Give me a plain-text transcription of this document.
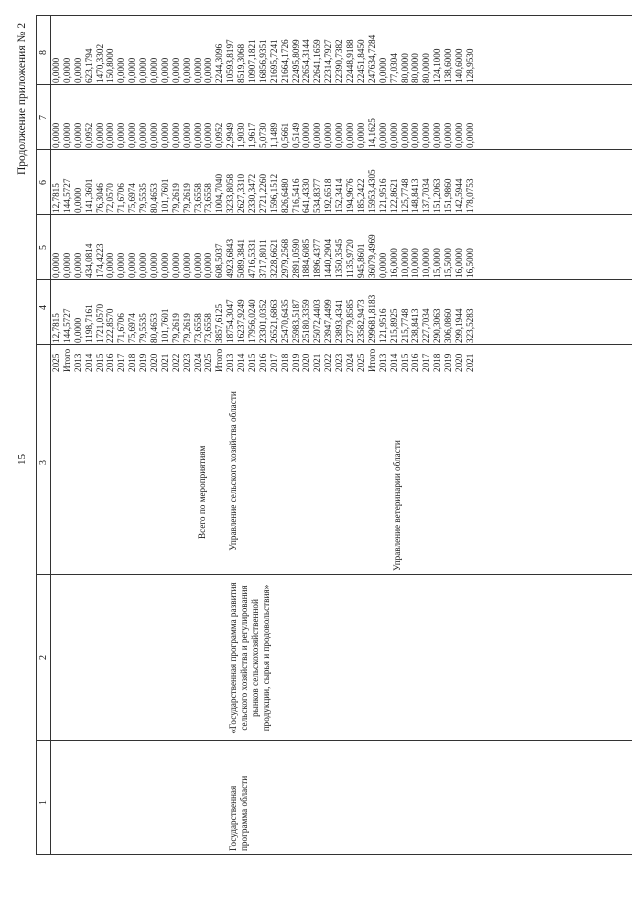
15
Продолжение приложения № 2
1
2
3
4
5
6
7
8
Всего по мероприятиям
Государственная программа области
«Государственная программа развития сельского хозяйства и регулирования рынков сельскохозяйственной продукции, сырья и продовольствия»
Управление сельского хозяйства области	Управление ветеринарии области
2025 Итого 2013 2014 2015 2016 2017 2018 2019 2020 2021 2022 2023 2024 2025 Итого 2013 2014 2015 2016 2017 2018 2019 2020 2021 2022 2023 2024 2025 Итого 2013 2014 2015 2016 2017 2018 2019 2020 2021
12,7815 144,5727 0,0000 1198,7161 1721,0570 222,8570 71,6706 75,6974 79,5535 80,4653 101,7601 79,2619 79,2619 73,6558 73,6558 3857,6125 18754,3047 16237,9249 17956,0240 23301,0352 26521,6863 25470,6435 25983,5187 25180,3359 25072,4403 23947,4499 23893,4341 23779,8585 23582,9473 299681,8183 121,9516 215,8925 215,7748 238,8413 227,7034 290,3063 306,0860 299,1944 323,5283
0,0000 0,0000 0,0000 434,0814 174,4223 0,0000 0,0000 0,0000 0,0000 0,0000 0,0000 0,0000 0,0000 0,0000 0,0000 608,5037 4923,6843 5089,3841 4716,5331 3717,8011 3228,6621 2979,2568 2891,0590 1884,6085 1896,4377 1440,2904 1350,3545 1135,9720 945,8601 36079,4969 0,0000 16,0000 10,0000 10,0000 10,0000 15,0000 15,5000 16,0000 16,5000
12,7815 144,5727 0,0000 141,3601 76,3046 72,0570 71,6706 75,6974 79,5535 80,4653 101,7601 79,2619 79,2619 73,6558 73,6558 1004,7040 3233,8058 2627,3310 2330,3472 2721,2260 1596,1512 826,6480 716,5416 641,4330 534,8377 192,6518 152,3414 194,9676 185,2422 15953,4305 121,9516 122,8621 125,7748 148,8413 137,7034 151,2063 151,9860 142,5944 178,0753
0,0000 0,0000 0,0000 0,0952 0,0000 0,0000 0,0000 0,0000 0,0000 0,0000 0,0000 0,0000 0,0000 0,0000 0,0000 0,0952 2,9949 1,9030 1,9617 5,0730 1,1489 0,5661 0,5149 0,0000 0,0000 0,0000 0,0000 0,0000 0,0000 14,1625 0,0000 0,0000 0,0000 0,0000 0,0000 0,0000 0,0000 0,0000 0,0000
0,0000 0,0000 0,0000 623,1794 1470,3302 150,8000 0,0000 0,0000 0,0000 0,0000 0,0000 0,0000 0,0000 0,0000 0,0000 2244,3096 10593,8197 8519,3068 10907,1821 16856,9351 21695,7241 21664,1726 22495,8099 22654,3144 22641,1659 22314,7927 22390,7382 22448,9188 22451,8450 247634,7284 0,0000 77,0304 80,0000 80,0000 80,0000 124,1000 138,6000 140,6000 128,9530
